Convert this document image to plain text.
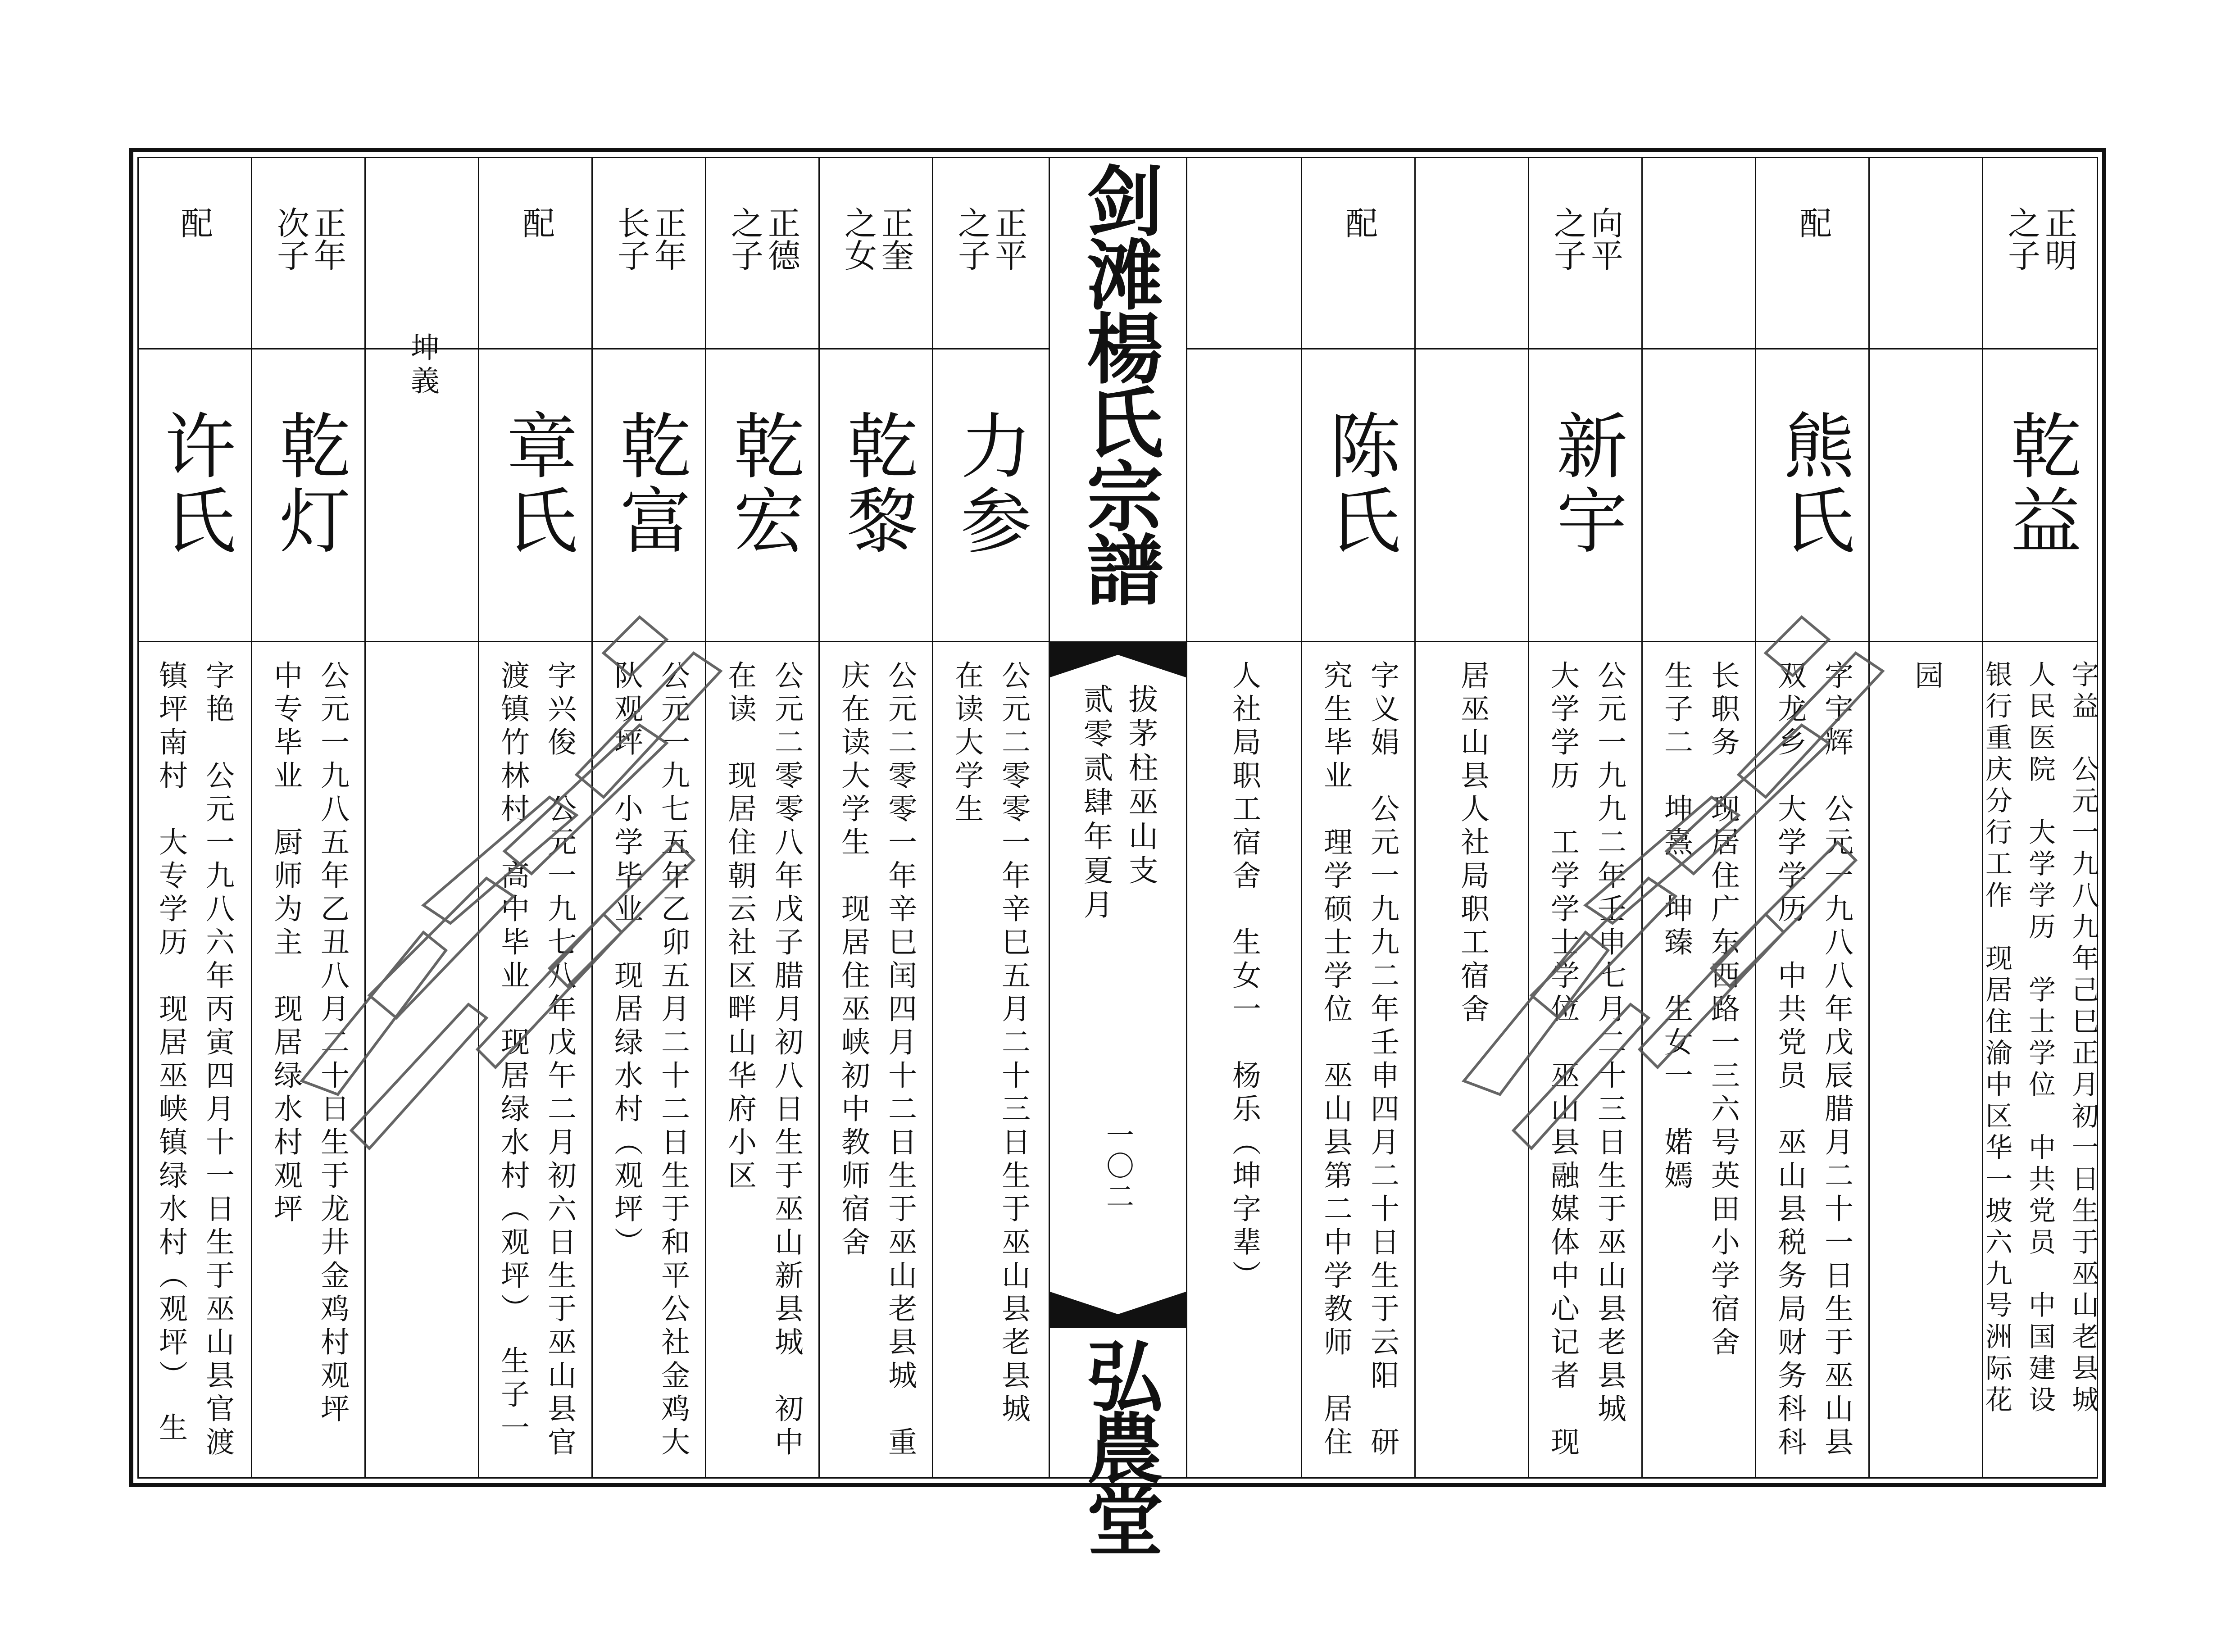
配
许氏
字艳　公元一九八六年丙寅四月十一日生于巫山县官渡
镇坪南村　大专学历　现居巫峡镇绿水村（观坪）　生
正年
次子
乾灯
公元一九八五年乙丑八月二十日生于龙井金鸡村观坪
中专毕业　厨师为主　现居绿水村观坪
坤義
配
章氏
字兴俊　公元一九七八年戊午二月初六日生于巫山县官
渡镇竹林村　高中毕业　现居绿水村（观坪）　生子一
正年
长子
乾富
公元一九七五年乙卯五月二十二日生于和平公社金鸡大
队观坪　小学毕业　现居绿水村（观坪）
正德
之子
乾宏
公元二零零八年戊子腊月初八日生于巫山新县城　初中
在读　现居住朝云社区畔山华府小区
正奎
之女
乾黎
公元二零零一年辛巳闰四月十二日生于巫山老县城　重
庆在读大学生　现居住巫峡初中教师宿舍
正平
之子
力参
公元二零零一年辛巳五月二十三日生于巫山县老县城
在读大学生
剑滩楊氏宗譜
拔茅柱巫山支
贰零贰肆年夏月
一〇二
弘農堂
人社局职工宿舍　生女一　杨乐（坤字辈）
配
陈氏
字义娟　公元一九九二年壬申四月二十日生于云阳　研
究生毕业　理学硕士学位　巫山县第二中学教师　居住	居巫山县人社局职工宿舍
向平
之子
新宇
公元一九九二年壬申七月二十三日生于巫山县老县城
大学学历　工学学士学位　巫山县融媒体中心记者　现	长职务　现居住广东西路一三六号英田小学宿舍
生子二　坤熹　坤臻　生女一　婼嫣
配
熊氏
字宇辉　公元一九八八年戊辰腊月二十一日生于巫山县
双龙乡　大学学历　中共党员　巫山县税务局财务科科	园
正明
之子
乾益
字益　公元一九八九年己巳正月初一日生于巫山老县城
人民医院　大学学历　学士学位　中共党员　中国建设
银行重庆分行工作　现居住渝中区华一坡六九号洲际花
